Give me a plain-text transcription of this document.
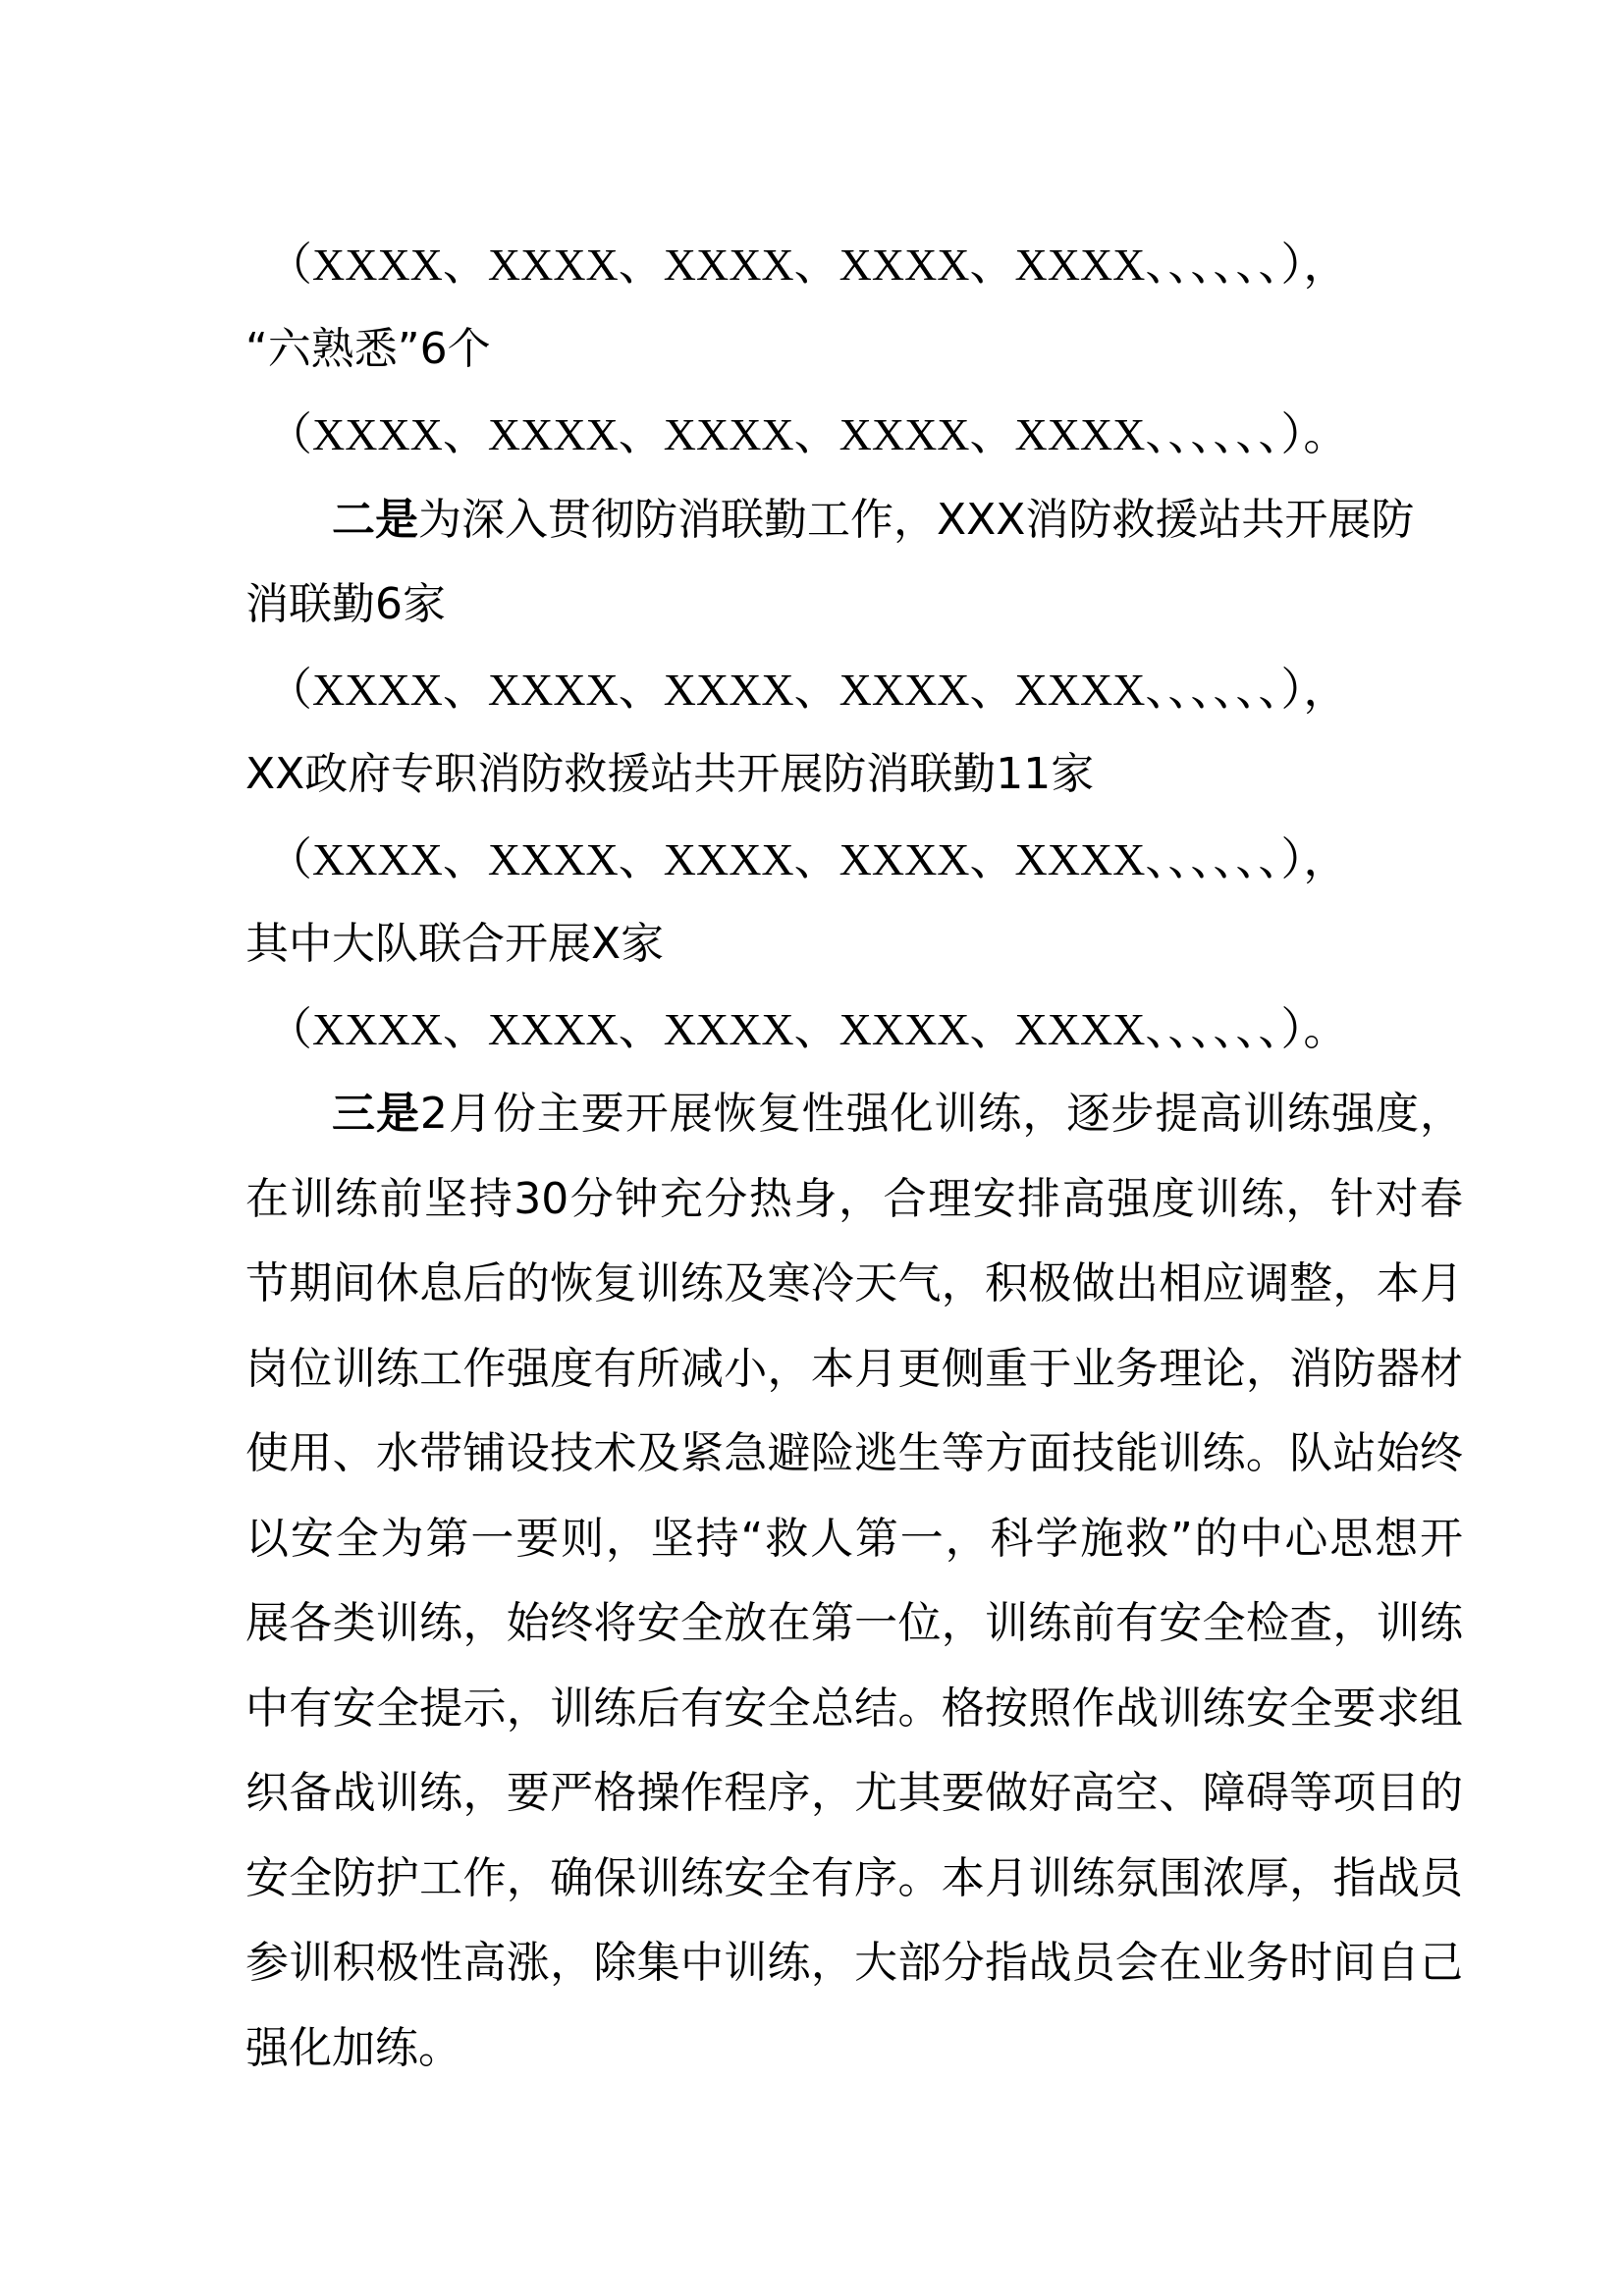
（XXXX、XXXX、XXXX、XXXX、XXXX、、、、、、），
“六熟悉”6个
（XXXX、XXXX、XXXX、XXXX、XXXX、、、、、、）。
二是为深入贯彻防消联勤工作，XXX消防救援站共开展防
消联勤6家
（XXXX、XXXX、XXXX、XXXX、XXXX、、、、、、），
XX政府专职消防救援站共开展防消联勤11家
（XXXX、XXXX、XXXX、XXXX、XXXX、、、、、、），
其中大队联合开展X家
（XXXX、XXXX、XXXX、XXXX、XXXX、、、、、、）。
三是2月份主要开展恢复性强化训练，逐步提高训练强度，
在训练前坚持30分钟充分热身，合理安排高强度训练，针对春
节期间休息后的恢复训练及寒冷天气，积极做出相应调整，本月
岗位训练工作强度有所减小，本月更侧重于业务理论，消防器材
使用、水带铺设技术及紧急避险逃生等方面技能训练。队站始终
以安全为第一要则，坚持“救人第一，科学施救”的中心思想开
展各类训练，始终将安全放在第一位，训练前有安全检查，训练
中有安全提示，训练后有安全总结。格按照作战训练安全要求组
织备战训练，要严格操作程序，尤其要做好高空、障碍等项目的
安全防护工作，确保训练安全有序。本月训练氛围浓厚，指战员
参训积极性高涨，除集中训练，大部分指战员会在业务时间自己
强化加练。
